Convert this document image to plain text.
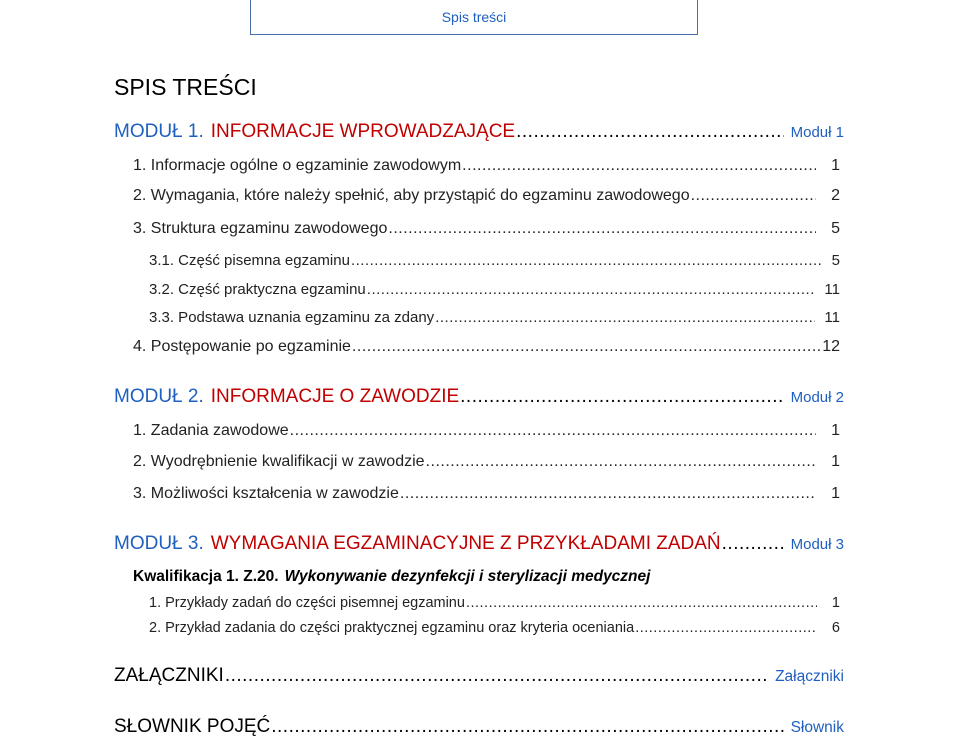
Spis treści
SPIS TREŚCI
MODUŁ 1. INFORMACJE WPROWADZAJĄCE .....	Moduł 1
1. Informacje ogólne o egzaminie zawodowym .....	1
2. Wymagania, które należy spełnić, aby przystąpić do egzaminu zawodowego .....	2
3. Struktura egzaminu zawodowego .....	5
3.1. Część pisemna egzaminu .....	5
3.2. Część praktyczna egzaminu .....	11
3.3. Podstawa uznania egzaminu za zdany .....	11
4. Postępowanie po egzaminie .....	12
MODUŁ 2. INFORMACJE O ZAWODZIE .....	Moduł 2
1. Zadania zawodowe .....	1
2. Wyodrębnienie kwalifikacji w zawodzie .....	1
3. Możliwości kształcenia w zawodzie .....	1
MODUŁ 3. WYMAGANIA EGZAMINACYJNE Z PRZYKŁADAMI ZADAŃ .....	Moduł 3
Kwalifikacja 1. Z.20. Wykonywanie dezynfekcji i sterylizacji medycznej
1. Przykłady zadań do części pisemnej egzaminu .....	1
2. Przykład zadania do części praktycznej egzaminu oraz kryteria oceniania .....	6
ZAŁĄCZNIKI .....	Załączniki
SŁOWNIK POJĘĆ .....	Słownik
